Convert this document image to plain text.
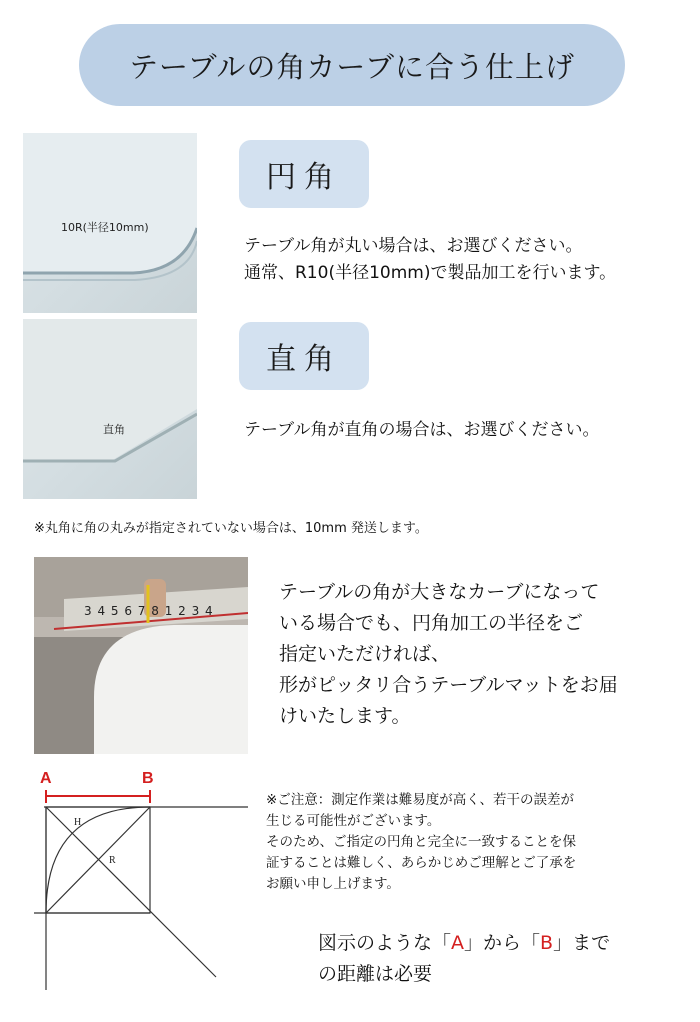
テーブルの角カーブに合う仕上げ
10R(半径10mm)
円角
テーブル角が丸い場合は、お選びください。
通常、R10(半径10mm)で製品加工を行います。
直角
直角
テーブル角が直角の場合は、お選びください。
※丸角に角の丸みが指定されていない場合は、10mm 発送します。
3 4 5 6 7 8 1 2 3 4
テーブルの角が大きなカーブになって
いる場合でも、円角加工の半径をご
指定いただければ、
形がピッタリ合うテーブルマットをお届
けいたします。
A	B
H
R
※ご注意：測定作業は難易度が高く、若干の誤差が
生じる可能性がございます。
そのため、ご指定の円角と完全に一致することを保
証することは難しく、あらかじめご理解とご了承を
お願い申し上げます。
図示のような「A」から「B」まで
の距離は必要
